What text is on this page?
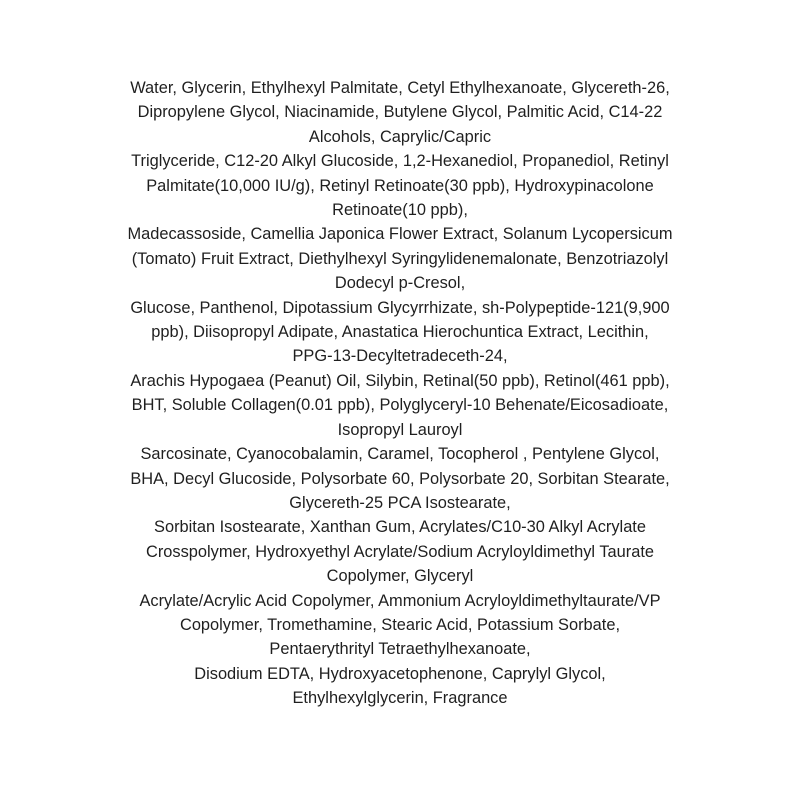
Water, Glycerin, Ethylhexyl Palmitate, Cetyl Ethylhexanoate, Glycereth-26,
Dipropylene Glycol, Niacinamide, Butylene Glycol, Palmitic Acid, C14-22
Alcohols, Caprylic/Capric
Triglyceride, C12-20 Alkyl Glucoside, 1,2-Hexanediol, Propanediol, Retinyl
Palmitate(10,000 IU/g), Retinyl Retinoate(30 ppb), Hydroxypinacolone
Retinoate(10 ppb),
Madecassoside, Camellia Japonica Flower Extract, Solanum Lycopersicum
(Tomato) Fruit Extract, Diethylhexyl Syringylidenemalonate, Benzotriazolyl
Dodecyl p-Cresol,
Glucose, Panthenol, Dipotassium Glycyrrhizate, sh-Polypeptide-121(9,900
ppb), Diisopropyl Adipate, Anastatica Hierochuntica Extract, Lecithin,
PPG-13-Decyltetradeceth-24,
Arachis Hypogaea (Peanut) Oil, Silybin, Retinal(50 ppb), Retinol(461 ppb),
BHT, Soluble Collagen(0.01 ppb), Polyglyceryl-10 Behenate/Eicosadioate,
Isopropyl Lauroyl
Sarcosinate, Cyanocobalamin, Caramel, Tocopherol , Pentylene Glycol,
BHA, Decyl Glucoside, Polysorbate 60, Polysorbate 20, Sorbitan Stearate,
Glycereth-25 PCA Isostearate,
Sorbitan Isostearate, Xanthan Gum, Acrylates/C10-30 Alkyl Acrylate
Crosspolymer, Hydroxyethyl Acrylate/Sodium Acryloyldimethyl Taurate
Copolymer, Glyceryl
Acrylate/Acrylic Acid Copolymer, Ammonium Acryloyldimethyltaurate/VP
Copolymer, Tromethamine, Stearic Acid, Potassium Sorbate,
Pentaerythrityl Tetraethylhexanoate,
Disodium EDTA, Hydroxyacetophenone, Caprylyl Glycol,
Ethylhexylglycerin, Fragrance
